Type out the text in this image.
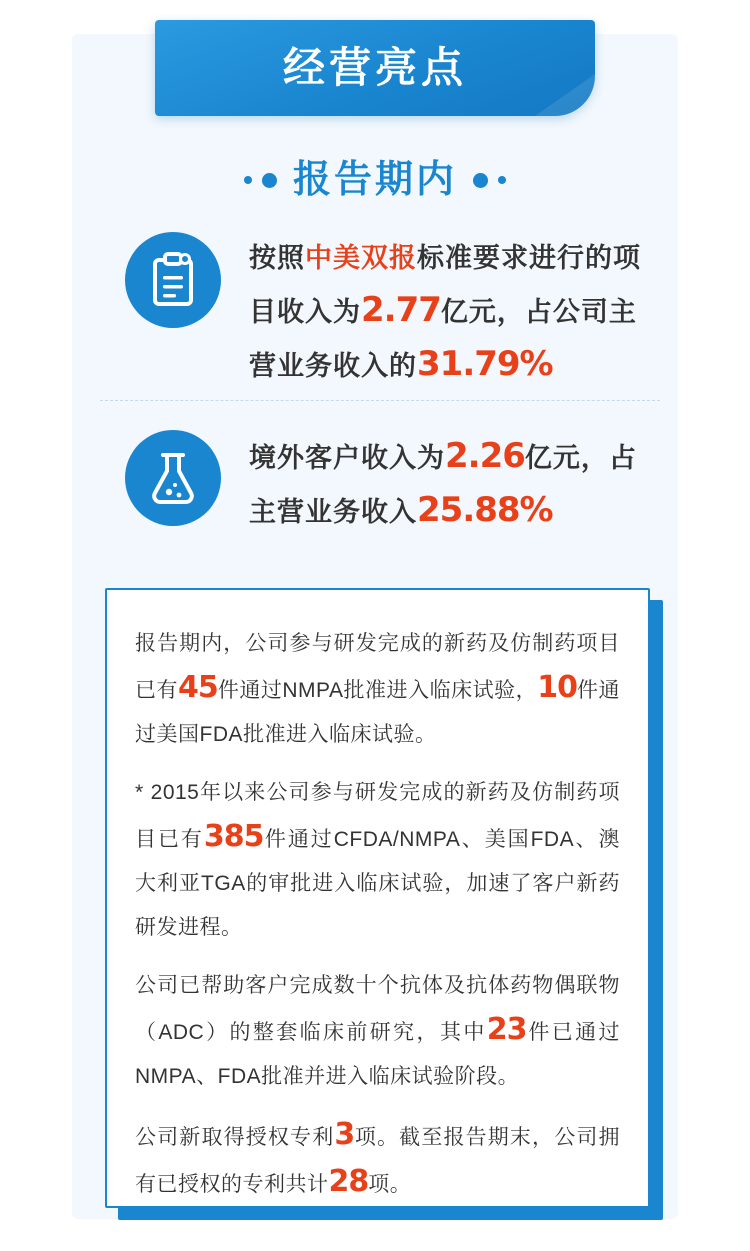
经营亮点
报告期内
按照中美双报标准要求进行的项目收入为2.77亿元，占公司主营业务收入的31.79%
境外客户收入为2.26亿元，占主营业务收入25.88%

报告期内，公司参与研发完成的新药及仿制药项目已有45件通过NMPA批准进入临床试验，10件通过美国FDA批准进入临床试验。

* 2015年以来公司参与研发完成的新药及仿制药项目已有385件通过CFDA/NMPA、美国FDA、澳大利亚TGA的审批进入临床试验，加速了客户新药研发进程。

公司已帮助客户完成数十个抗体及抗体药物偶联物（ADC）的整套临床前研究，其中23件已通过NMPA、FDA批准并进入临床试验阶段。

公司新取得授权专利3项。截至报告期末，公司拥有已授权的专利共计28项。
